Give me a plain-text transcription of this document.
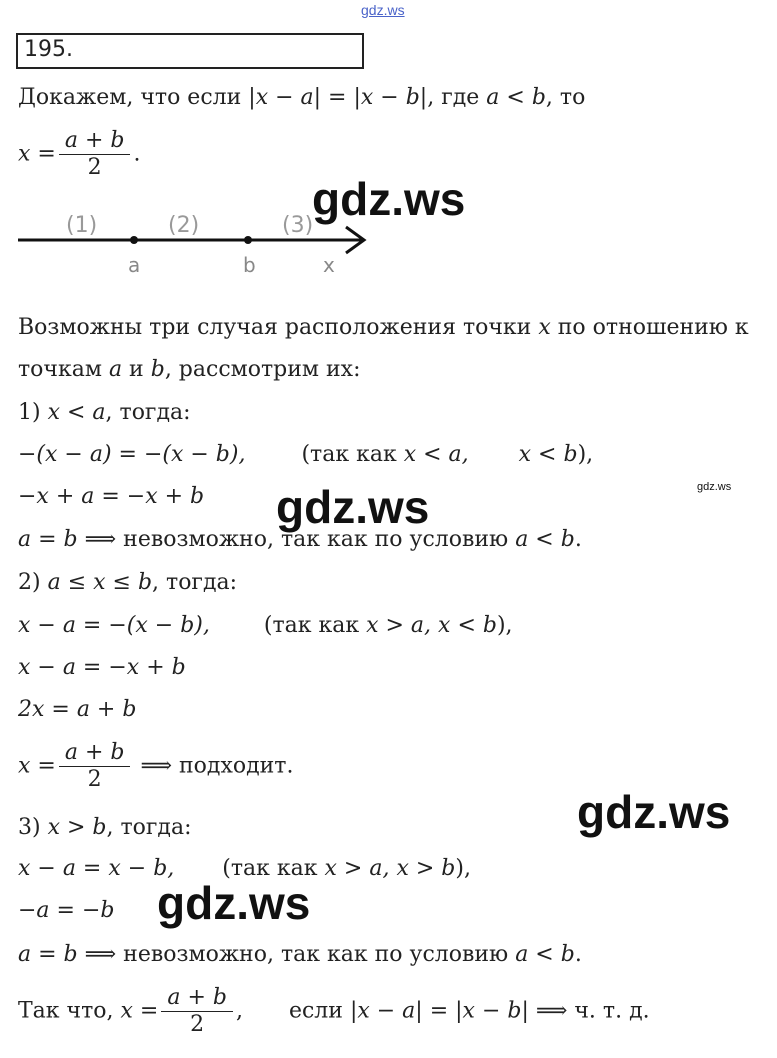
gdz.ws
195.
Докажем, что если |x − a| = |x − b|, где a < b, то
$x = \frac{a + b}{2}$ .
(1)	(2)	(3)
a	b	x
Возможны три случая расположения точки x по отношению к
точкам a и b, рассмотрим их:
1) x < a, тогда:
−(x − a) = −(x − b),	(так как x < a, x < b),
−x + a = −x + b
a = b ⟹ невозможно, так как по условию a < b.
2) a ≤ x ≤ b, тогда:
x − a = −(x − b), (так как x > a, x < b),
x − a = −x + b
2x = a + b
$x = \frac{a + b}{2}$ ⟹ подходит.
3) x > b, тогда:
x − a = x − b, (так как x > a, x > b),
−a = −b
a = b ⟹ невозможно, так как по условию a < b.
Так что, $x = \frac{a + b}{2}$ , если |x − a| = |x − b| ⟹ ч. т. д.
gdz.ws
gdz.ws	gdz.ws
gdz.ws
gdz.ws
